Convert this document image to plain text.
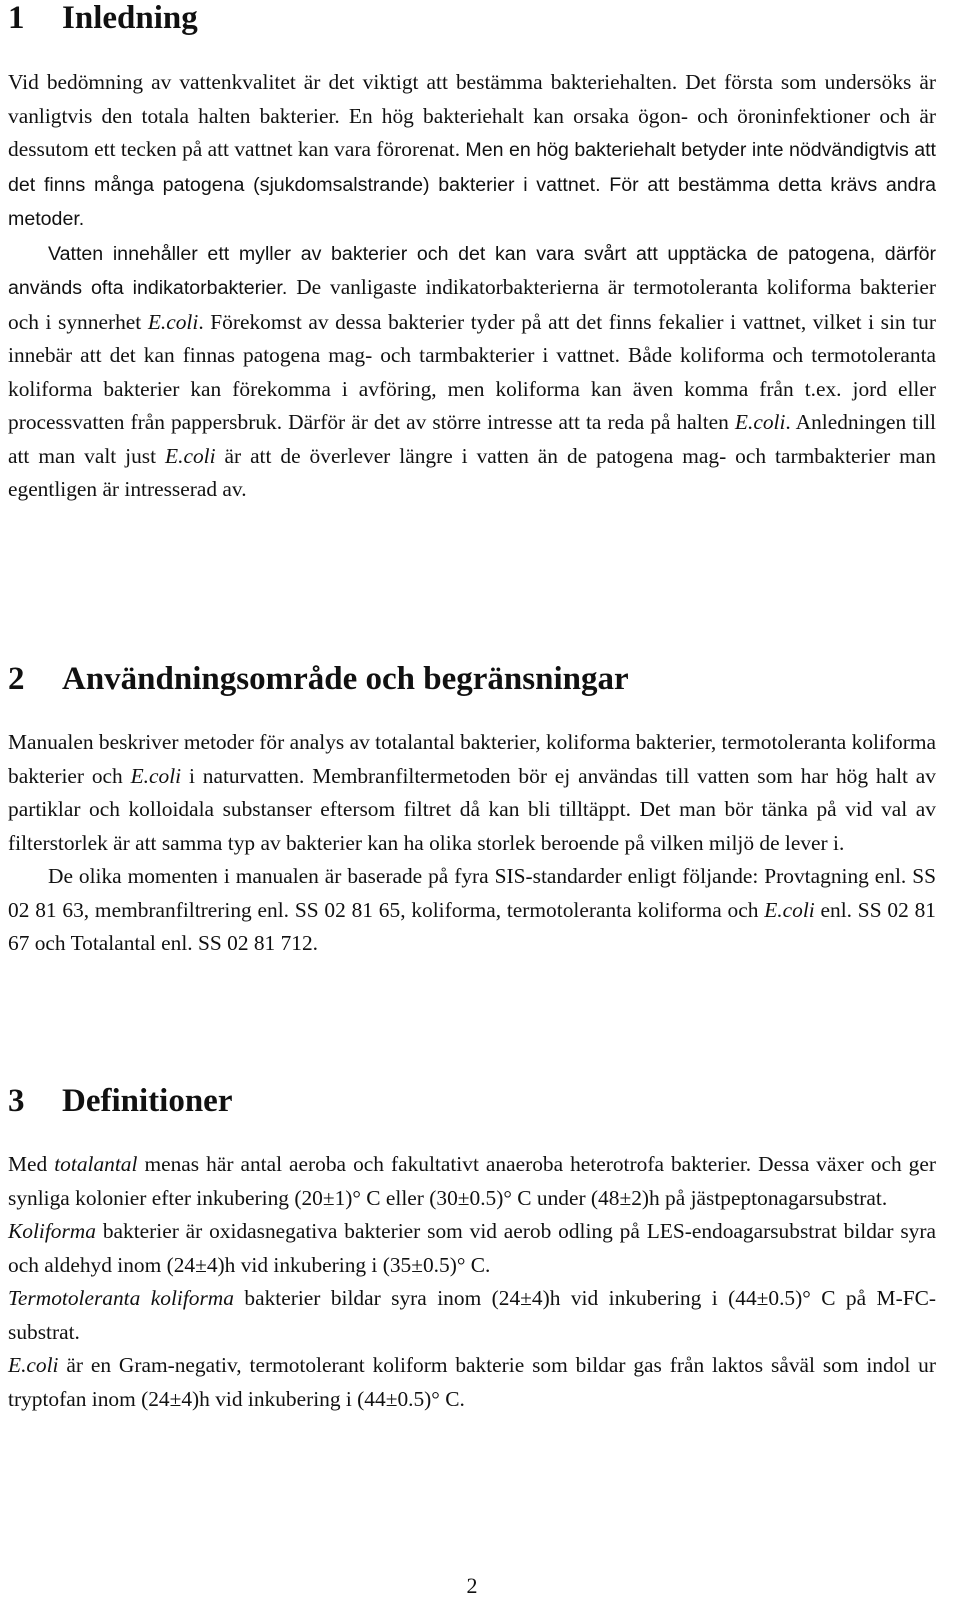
1 Inledning

Vid bedömning av vattenkvalitet är det viktigt att bestämma bakteriehalten. Det första som undersöks är vanligtvis den totala halten bakterier. En hög bakteriehalt kan orsaka ögon- och öroninfektioner och är dessutom ett tecken på att vattnet kan vara förorenat. Men en hög bakteriehalt betyder inte nödvändigtvis att det finns många patogena (sjukdomsalstrande) bakterier i vattnet. För att bestämma detta krävs andra metoder.

Vatten innehåller ett myller av bakterier och det kan vara svårt att upptäcka de patogena, därför används ofta indikatorbakterier. De vanligaste indikatorbakterierna är termotoleranta koliforma bakterier och i synnerhet E.coli. Förekomst av dessa bakterier tyder på att det finns fekalier i vattnet, vilket i sin tur innebär att det kan finnas patogena mag- och tarmbakterier i vattnet. Både koliforma och termotoleranta koliforma bakterier kan förekomma i avföring, men koliforma kan även komma från t.ex. jord eller processvatten från pappersbruk. Därför är det av större intresse att ta reda på halten E.coli. Anledningen till att man valt just E.coli är att de överlever längre i vatten än de patogena mag- och tarmbakterier man egentligen är intresserad av.

2 Användningsområde och begränsningar

Manualen beskriver metoder för analys av totalantal bakterier, koliforma bakterier, termotoleranta koliforma bakterier och E.coli i naturvatten. Membranfiltermetoden bör ej användas till vatten som har hög halt av partiklar och kolloidala substanser eftersom filtret då kan bli tilltäppt. Det man bör tänka på vid val av filterstorlek är att samma typ av bakterier kan ha olika storlek beroende på vilken miljö de lever i.

De olika momenten i manualen är baserade på fyra SIS-standarder enligt följande: Provtagning enl. SS 02 81 63, membranfiltrering enl. SS 02 81 65, koliforma, termotoleranta koliforma och E.coli enl. SS 02 81 67 och Totalantal enl. SS 02 81 712.

3 Definitioner

Med totalantal menas här antal aeroba och fakultativt anaeroba heterotrofa bakterier. Dessa växer och ger synliga kolonier efter inkubering (20±1)° C eller (30±0.5)° C under (48±2)h på jästpeptonagarsubstrat.

Koliforma bakterier är oxidasnegativa bakterier som vid aerob odling på LES-endoagarsubstrat bildar syra och aldehyd inom (24±4)h vid inkubering i (35±0.5)° C.

Termotoleranta koliforma bakterier bildar syra inom (24±4)h vid inkubering i (44±0.5)° C på M-FC-substrat.

E.coli är en Gram-negativ, termotolerant koliform bakterie som bildar gas från laktos såväl som indol ur tryptofan inom (24±4)h vid inkubering i (44±0.5)° C.

2
